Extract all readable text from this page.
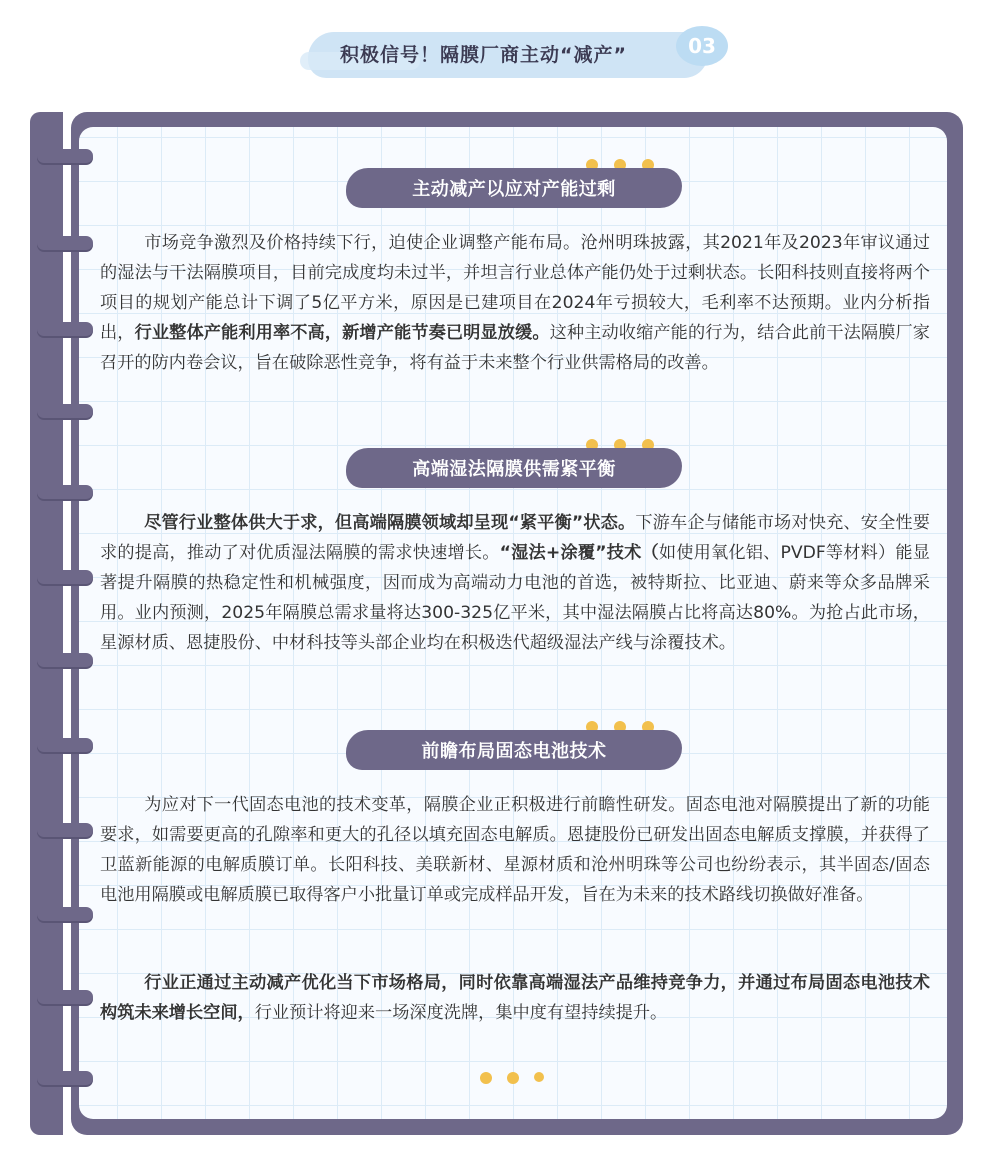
积极信号！隔膜厂商主动“减产”	03
主动减产以应对产能过剩

市场竞争激烈及价格持续下行，迫使企业调整产能布局。沧州明珠披露，其2021年及2023年审议通过的湿法与干法隔膜项目，目前完成度均未过半，并坦言行业总体产能仍处于过剩状态。长阳科技则直接将两个项目的规划产能总计下调了5亿平方米，原因是已建项目在2024年亏损较大，毛利率不达预期。业内分析指出，行业整体产能利用率不高，新增产能节奏已明显放缓。这种主动收缩产能的行为，结合此前干法隔膜厂家召开的防内卷会议，旨在破除恶性竞争，将有益于未来整个行业供需格局的改善。

高端湿法隔膜供需紧平衡

尽管行业整体供大于求，但高端隔膜领域却呈现“紧平衡”状态。下游车企与储能市场对快充、安全性要求的提高，推动了对优质湿法隔膜的需求快速增长。“湿法+涂覆”技术（如使用氧化铝、PVDF等材料）能显著提升隔膜的热稳定性和机械强度，因而成为高端动力电池的首选，被特斯拉、比亚迪、蔚来等众多品牌采用。业内预测，2025年隔膜总需求量将达300-325亿平米，其中湿法隔膜占比将高达80%。为抢占此市场，星源材质、恩捷股份、中材科技等头部企业均在积极迭代超级湿法产线与涂覆技术。

前瞻布局固态电池技术

为应对下一代固态电池的技术变革，隔膜企业正积极进行前瞻性研发。固态电池对隔膜提出了新的功能要求，如需要更高的孔隙率和更大的孔径以填充固态电解质。恩捷股份已研发出固态电解质支撑膜，并获得了卫蓝新能源的电解质膜订单。长阳科技、美联新材、星源材质和沧州明珠等公司也纷纷表示，其半固态/固态电池用隔膜或电解质膜已取得客户小批量订单或完成样品开发，旨在为未来的技术路线切换做好准备。

行业正通过主动减产优化当下市场格局，同时依靠高端湿法产品维持竞争力，并通过布局固态电池技术构筑未来增长空间，行业预计将迎来一场深度洗牌，集中度有望持续提升。
